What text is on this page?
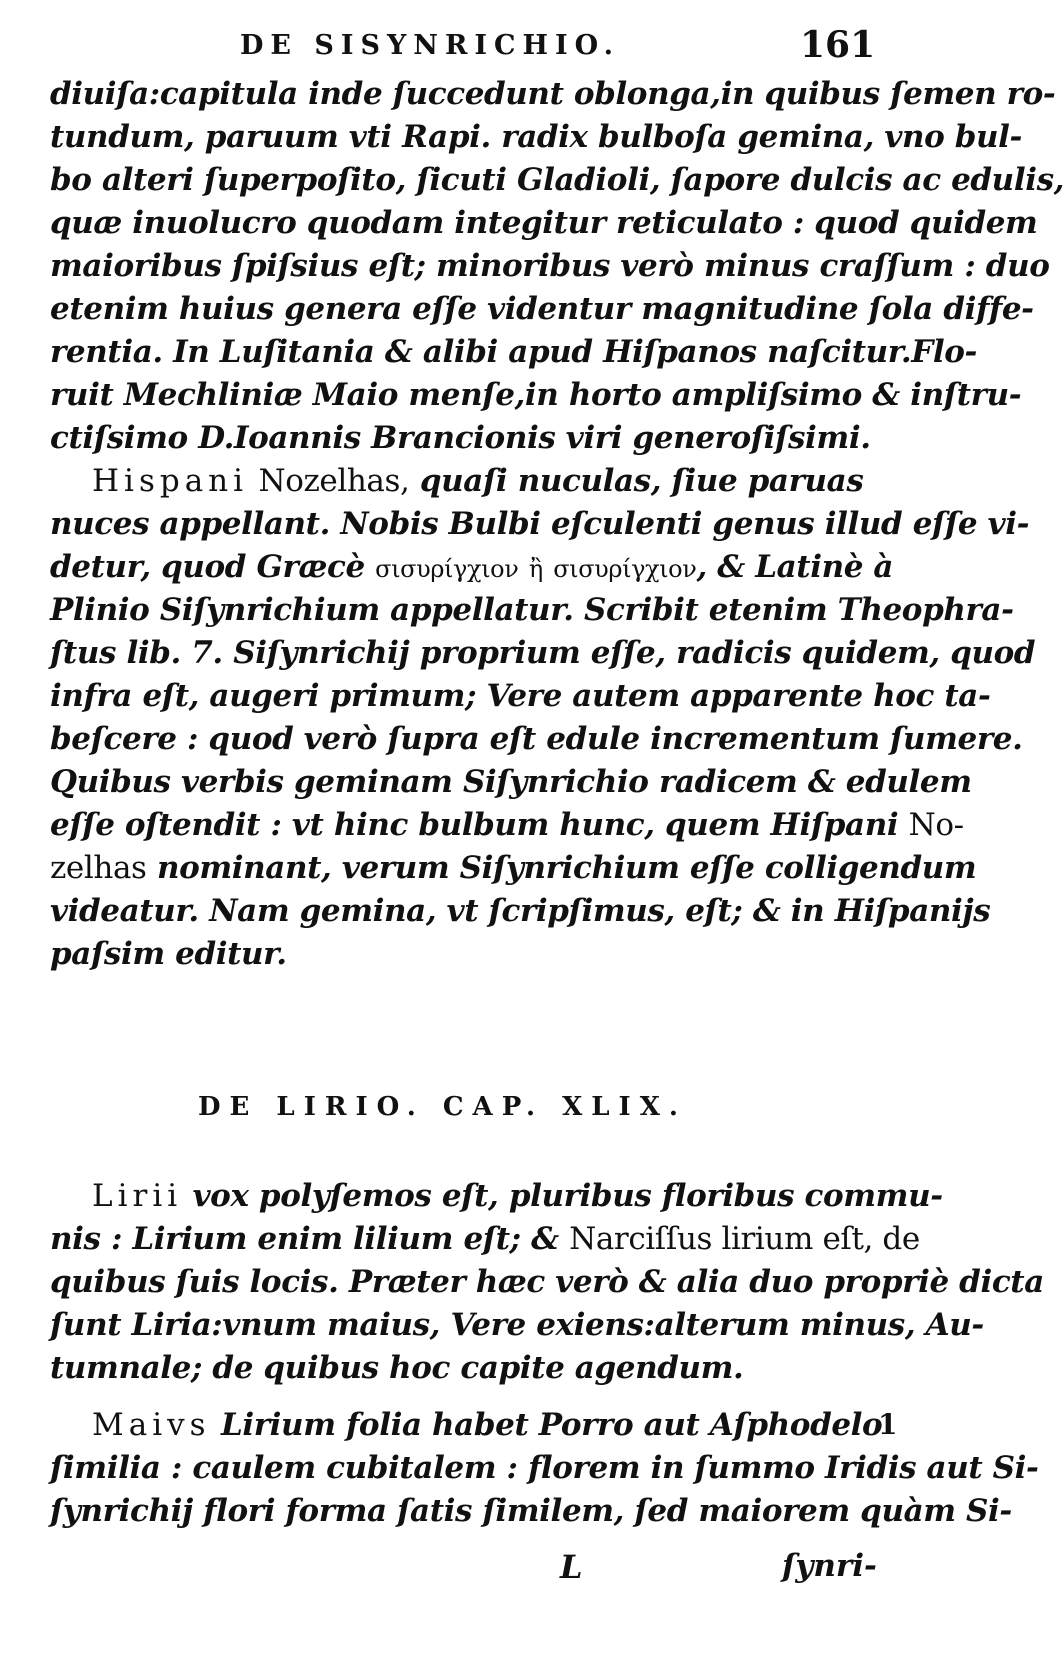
DE SISYNRICHIO.	161
diuiſa:capitula inde ſuccedunt oblonga,in quibus ſemen ro-
tundum, paruum vti Rapi. radix bulboſa gemina, vno bul-
bo alteri ſuperpoſito, ſicuti Gladioli, ſapore dulcis ac edulis,
quæ inuolucro quodam integitur reticulato : quod quidem
maioribus ſpiſsius eſt; minoribus verò minus craſſum : duo
etenim huius genera eſſe videntur magnitudine ſola diffe-
rentia. In Luſitania & alibi apud Hiſpanos naſcitur.Flo-
ruit Mechliniæ Maio menſe,in horto ampliſsimo & inſtru-
ctiſsimo D.Ioannis Brancionis viri generoſiſsimi.
Hispani Nozelhas, quaſi nuculas, ſiue paruas
nuces appellant. Nobis Bulbi eſculenti genus illud eſſe vi-
detur, quod Græcè σισυρίγχιον ἢ σισυρίγχιον, & Latinè à
Plinio Siſynrichium appellatur. Scribit etenim Theophra-
ſtus lib. 7. Siſynrichij proprium eſſe, radicis quidem, quod
infra eſt, augeri primum; Vere autem apparente hoc ta-
beſcere : quod verò ſupra eſt edule incrementum ſumere.
Quibus verbis geminam Siſynrichio radicem & edulem
eſſe oſtendit : vt hinc bulbum hunc, quem Hiſpani No-
zelhas nominant, verum Siſynrichium eſſe colligendum
videatur. Nam gemina, vt ſcripſimus, eſt; & in Hiſpanijs
paſsim editur.
DE LIRIO. CAP. XLIX.
Lirii vox polyſemos eſt, pluribus floribus commu-
nis : Lirium enim lilium eſt; & Narciſſus lirium eſt, de
quibus ſuis locis. Præter hæc verò & alia duo propriè dicta
ſunt Liria:vnum maius, Vere exiens:alterum minus, Au-
tumnale; de quibus hoc capite agendum.
Maivs Lirium folia habet Porro aut Aſphodelo
ſimilia : caulem cubitalem : florem in ſummo Iridis aut Si-
ſynrichij flori forma ſatis ſimilem, ſed maiorem quàm Si-
1
L	ſynri-
